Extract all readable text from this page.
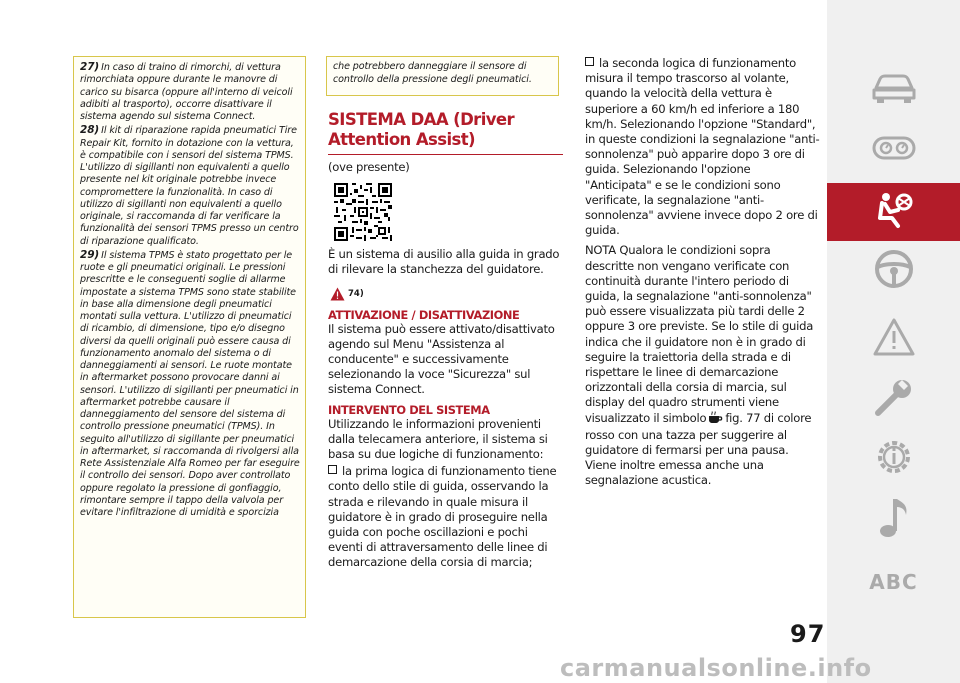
27) In caso di traino di rimorchi, di vettura rimorchiata oppure durante le manovre di carico su bisarca (oppure all'interno di veicoli adibiti al trasporto), occorre disattivare il sistema agendo sul sistema Connect.

28) Il kit di riparazione rapida pneumatici Tire Repair Kit, fornito in dotazione con la vettura, è compatibile con i sensori del sistema TPMS. L'utilizzo di sigillanti non equivalenti a quello presente nel kit originale potrebbe invece compromettere la funzionalità. In caso di utilizzo di sigillanti non equivalenti a quello originale, si raccomanda di far verificare la funzionalità dei sensori TPMS presso un centro di riparazione qualificato.

29) Il sistema TPMS è stato progettato per le ruote e gli pneumatici originali. Le pressioni prescritte e le conseguenti soglie di allarme impostate a sistema TPMS sono state stabilite in base alla dimensione degli pneumatici montati sulla vettura. L'utilizzo di pneumatici di ricambio, di dimensione, tipo e/o disegno diversi da quelli originali può essere causa di funzionamento anomalo del sistema o di danneggiamenti ai sensori. Le ruote montate in aftermarket possono provocare danni ai sensori. L'utilizzo di sigillanti per pneumatici in aftermarket potrebbe causare il danneggiamento del sensore del sistema di controllo pressione pneumatici (TPMS). In seguito all'utilizzo di sigillante per pneumatici in aftermarket, si raccomanda di rivolgersi alla Rete Assistenziale Alfa Romeo per far eseguire il controllo dei sensori. Dopo aver controllato oppure regolato la pressione di gonfiaggio, rimontare sempre il tappo della valvola per evitare l'infiltrazione di umidità e sporcizia

che potrebbero danneggiare il sensore di controllo della pressione degli pneumatici.

SISTEMA DAA (Driver Attention Assist)

(ove presente)

È un sistema di ausilio alla guida in grado di rilevare la stanchezza del guidatore.

74)
ATTIVAZIONE / DISATTIVAZIONE

Il sistema può essere attivato/disattivato agendo sul Menu "Assistenza al conducente" e successivamente selezionando la voce "Sicurezza" sul sistema Connect.

INTERVENTO DEL SISTEMA

Utilizzando le informazioni provenienti dalla telecamera anteriore, il sistema si basa su due logiche di funzionamento:

la prima logica di funzionamento tiene conto dello stile di guida, osservando la strada e rilevando in quale misura il guidatore è in grado di proseguire nella guida con poche oscillazioni e pochi eventi di attraversamento delle linee di demarcazione della corsia di marcia;

la seconda logica di funzionamento misura il tempo trascorso al volante, quando la velocità della vettura è superiore a 60 km/h ed inferiore a 180 km/h. Selezionando l'opzione "Standard", in queste condizioni la segnalazione "anti-sonnolenza" può apparire dopo 3 ore di guida. Selezionando l'opzione "Anticipata" e se le condizioni sono verificate, la segnalazione "anti-sonnolenza" avviene invece dopo 2 ore di guida.

NOTA Qualora le condizioni sopra descritte non vengano verificate con continuità durante l'intero periodo di guida, la segnalazione "anti-sonnolenza" può essere visualizzata più tardi delle 2 oppure 3 ore previste. Se lo stile di guida indica che il guidatore non è in grado di seguire la traiettoria della strada e di rispettare le linee di demarcazione orizzontali della corsia di marcia, sul display del quadro strumenti viene visualizzato il simbolo fig. 77 di colore rosso con una tazza per suggerire al guidatore di fermarsi per una pausa. Viene inoltre emessa anche una segnalazione acustica.

ABC
97
carmanualsonline.info
